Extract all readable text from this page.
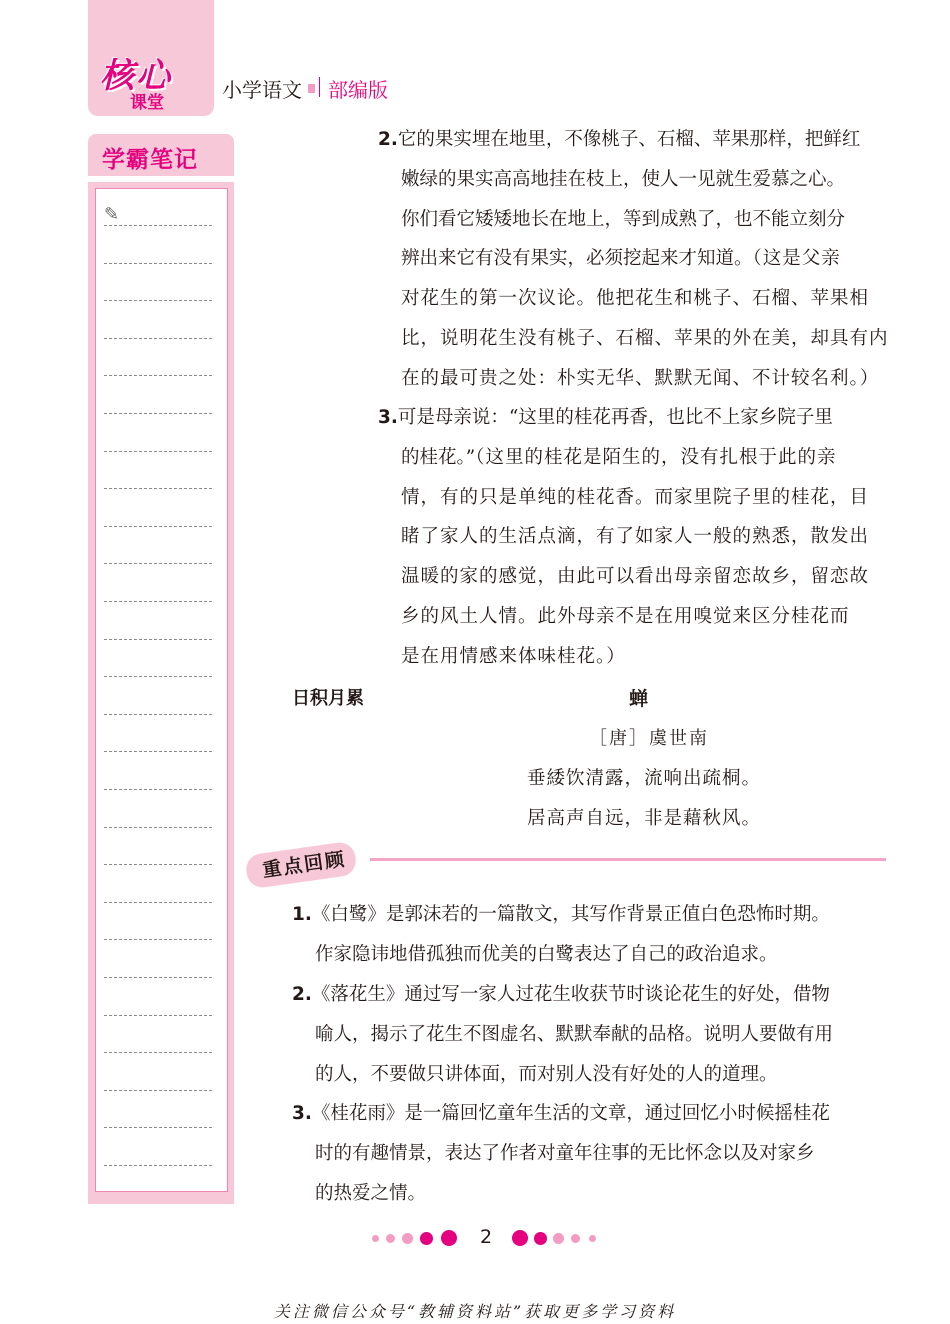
核心
课堂
小学语文 部编版
学霸笔记
✎
2.它的果实埋在地里，不像桃子、石榴、苹果那样，把鲜红
嫩绿的果实高高地挂在枝上，使人一见就生爱慕之心。
你们看它矮矮地长在地上，等到成熟了，也不能立刻分
辨出来它有没有果实，必须挖起来才知道。（这是父亲
对花生的第一次议论。他把花生和桃子、石榴、苹果相
比，说明花生没有桃子、石榴、苹果的外在美，却具有内
在的最可贵之处：朴实无华、默默无闻、不计较名利。）
3.可是母亲说：“这里的桂花再香，也比不上家乡院子里
的桂花。”（这里的桂花是陌生的，没有扎根于此的亲
情，有的只是单纯的桂花香。而家里院子里的桂花，目
睹了家人的生活点滴，有了如家人一般的熟悉，散发出
温暖的家的感觉，由此可以看出母亲留恋故乡，留恋故
乡的风土人情。此外母亲不是在用嗅觉来区分桂花而
是在用情感来体味桂花。）
日积月累	蝉
［唐］虞世南
垂緌饮清露，流响出疏桐。
居高声自远，非是藉秋风。
重点回顾
1.《白鹭》是郭沫若的一篇散文，其写作背景正值白色恐怖时期。
作家隐讳地借孤独而优美的白鹭表达了自己的政治追求。
2.《落花生》通过写一家人过花生收获节时谈论花生的好处，借物
喻人，揭示了花生不图虚名、默默奉献的品格。说明人要做有用
的人，不要做只讲体面，而对别人没有好处的人的道理。
3.《桂花雨》是一篇回忆童年生活的文章，通过回忆小时候摇桂花
时的有趣情景，表达了作者对童年往事的无比怀念以及对家乡
的热爱之情。
2
关注微信公众号“教辅资料站”获取更多学习资料
